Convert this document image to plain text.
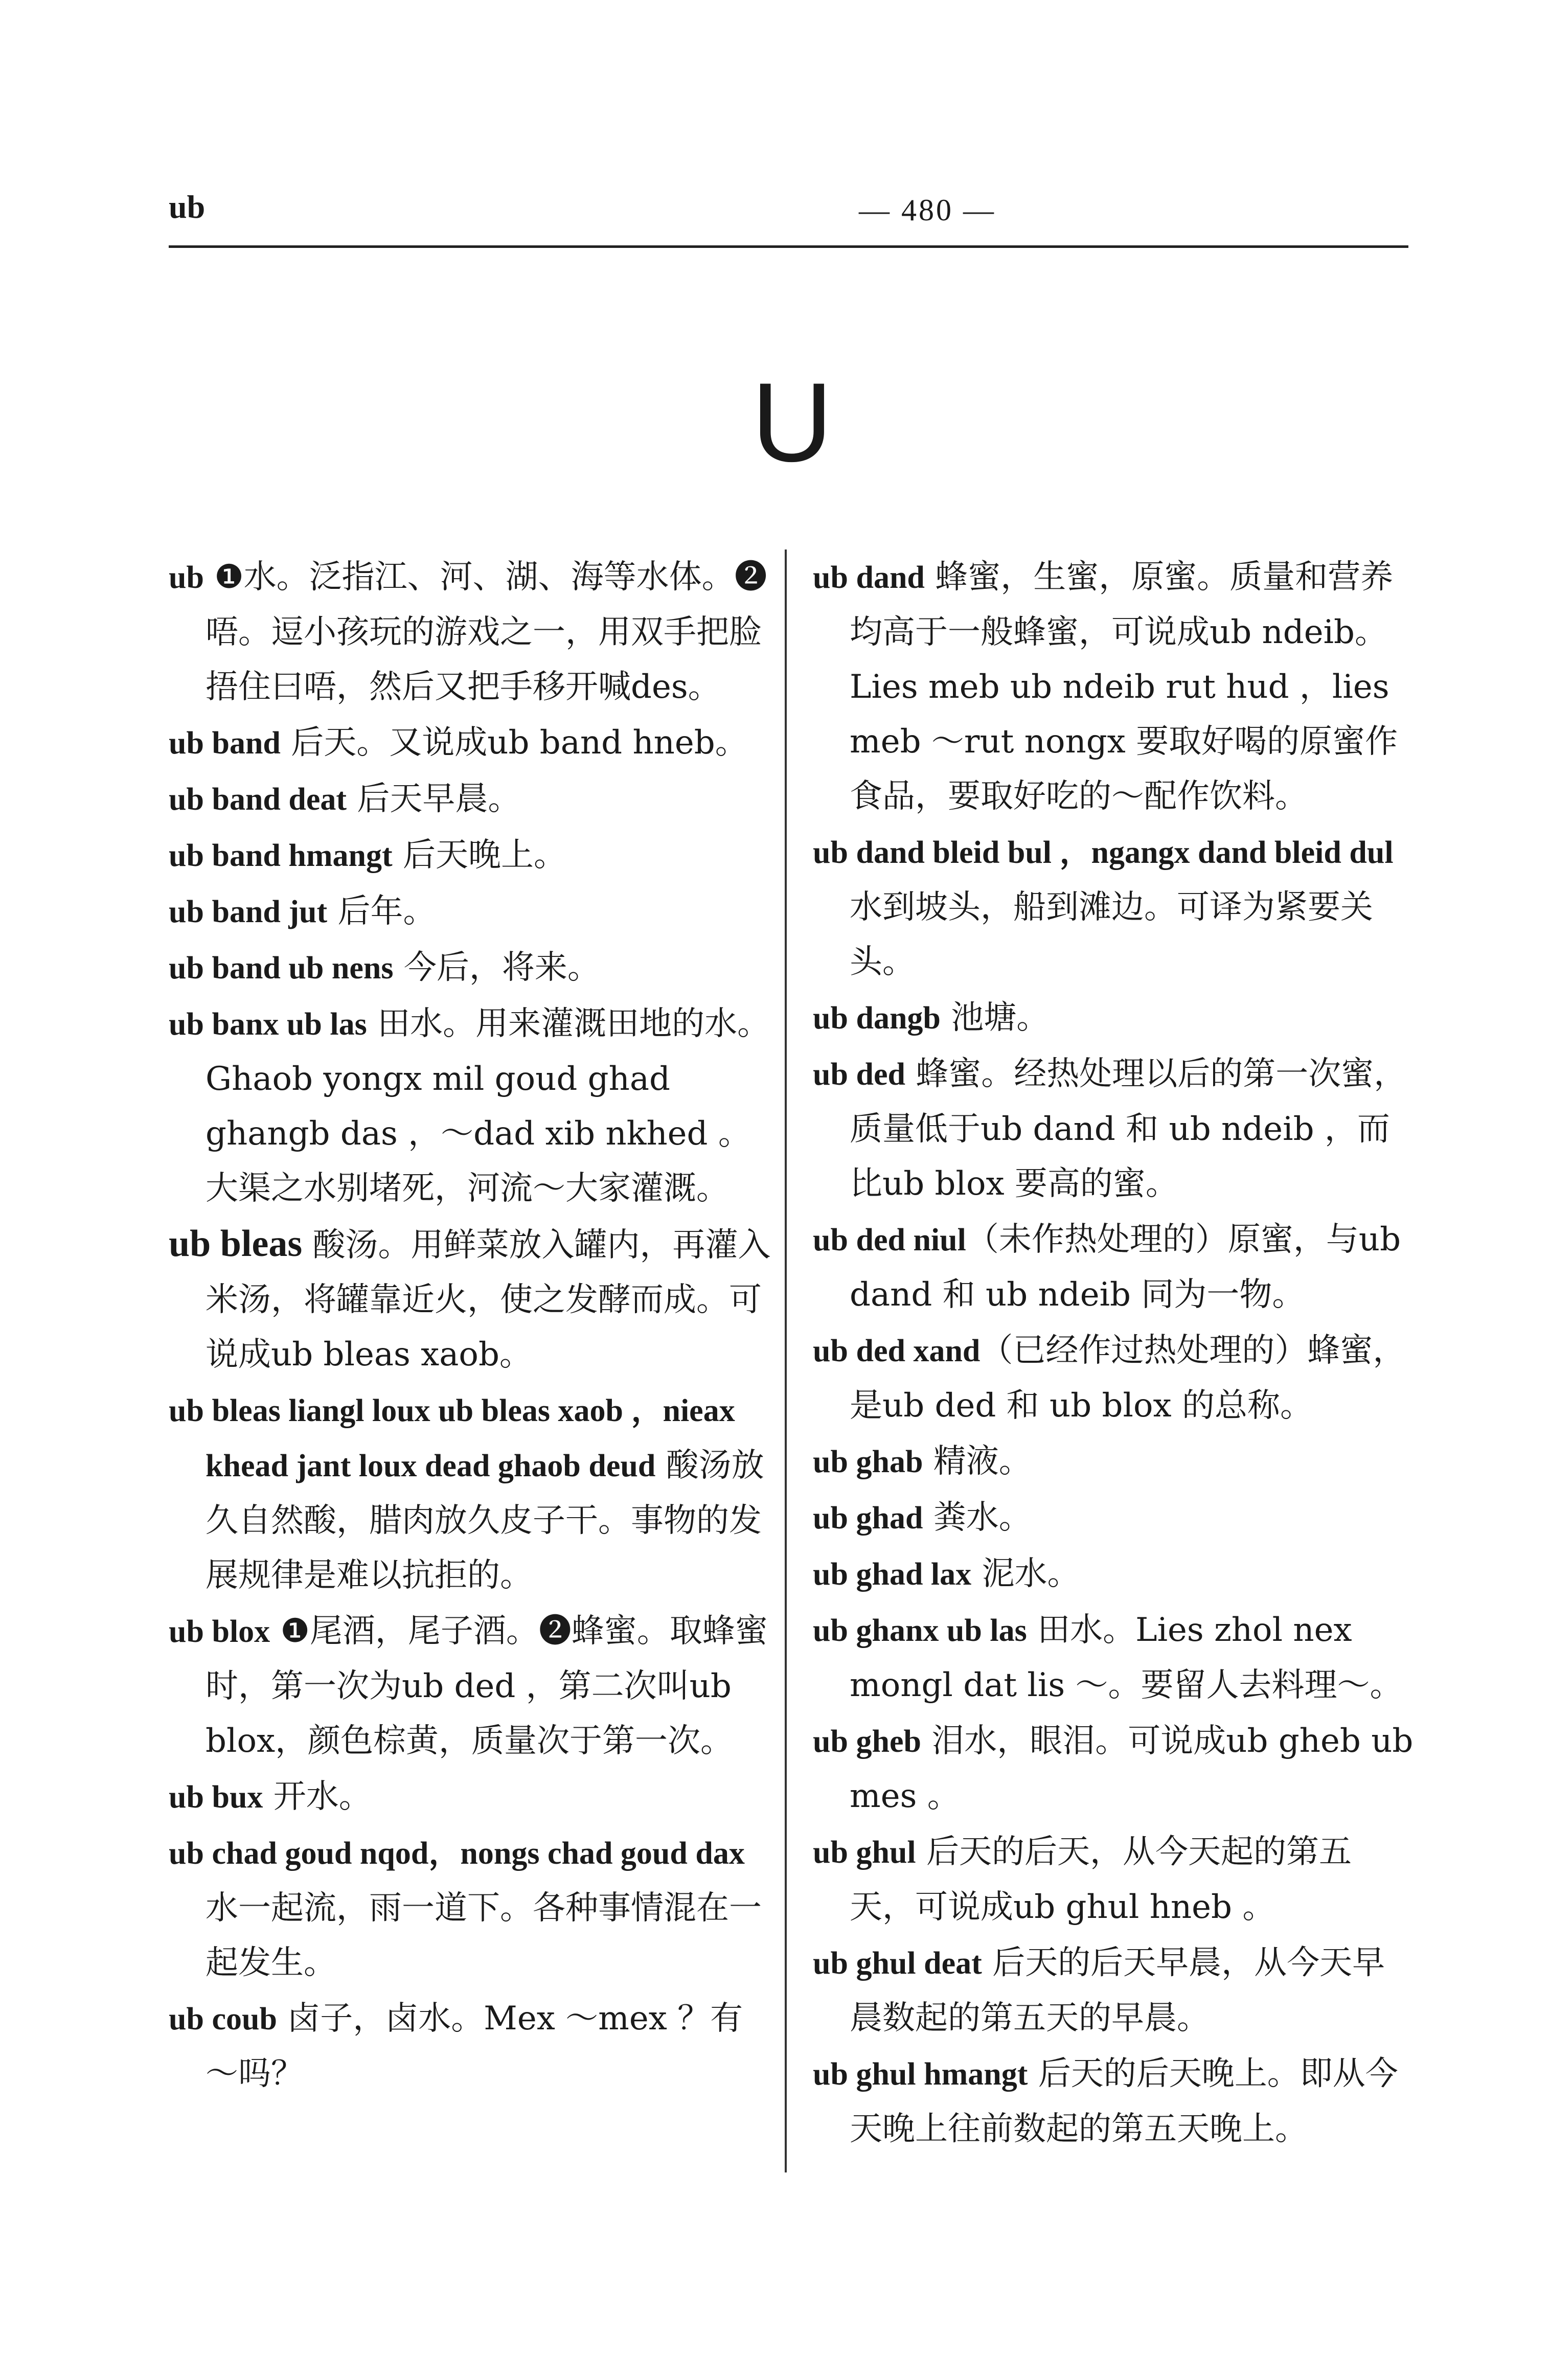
ub	— 480 —
U

ub ❶水。泛指江、河、湖、海等水体。❷唔。逗小孩玩的游戏之一，用双手把脸捂住曰唔，然后又把手移开喊des。

ub band 后天。又说成ub band hneb。

ub band deat 后天早晨。

ub band hmangt 后天晚上。

ub band jut 后年。

ub band ub nens 今后，将来。

ub banx ub las 田水。用来灌溉田地的水。Ghaob yongx mil goud ghad ghangb das ，～dad xib nkhed 。大渠之水别堵死，河流～大家灌溉。

ub bleas 酸汤。用鲜菜放入罐内，再灌入米汤，将罐靠近火，使之发酵而成。可说成ub bleas xaob。

ub bleas liangl loux ub bleas xaob ，nieax khead jant loux dead ghaob deud 酸汤放久自然酸，腊肉放久皮子干。事物的发展规律是难以抗拒的。

ub blox ❶尾酒，尾子酒。❷蜂蜜。取蜂蜜时，第一次为ub ded ，第二次叫ub blox，颜色棕黄，质量次于第一次。

ub bux 开水。

ub chad goud nqod，nongs chad goud dax 水一起流，雨一道下。各种事情混在一起发生。

ub coub 卤子，卤水。Mex ～mex ？有～吗？

ub dand 蜂蜜，生蜜，原蜜。质量和营养均高于一般蜂蜜，可说成ub ndeib。Lies meb ub ndeib rut hud ，lies meb ～rut nongx 要取好喝的原蜜作食品，要取好吃的～配作饮料。

ub dand bleid bul ，ngangx dand bleid dul 水到坡头，船到滩边。可译为紧要关头。

ub dangb 池塘。

ub ded 蜂蜜。经热处理以后的第一次蜜，质量低于ub dand 和 ub ndeib ，而比ub blox 要高的蜜。

ub ded niul（未作热处理的）原蜜，与ub dand 和 ub ndeib 同为一物。

ub ded xand（已经作过热处理的）蜂蜜，是ub ded 和 ub blox 的总称。

ub ghab 精液。

ub ghad 粪水。

ub ghad lax 泥水。

ub ghanx ub las 田水。Lies zhol nex mongl dat lis ～。要留人去料理～。

ub gheb 泪水，眼泪。可说成ub gheb ub mes 。

ub ghul 后天的后天，从今天起的第五天，可说成ub ghul hneb 。

ub ghul deat 后天的后天早晨，从今天早晨数起的第五天的早晨。

ub ghul hmangt 后天的后天晚上。即从今天晚上往前数起的第五天晚上。
